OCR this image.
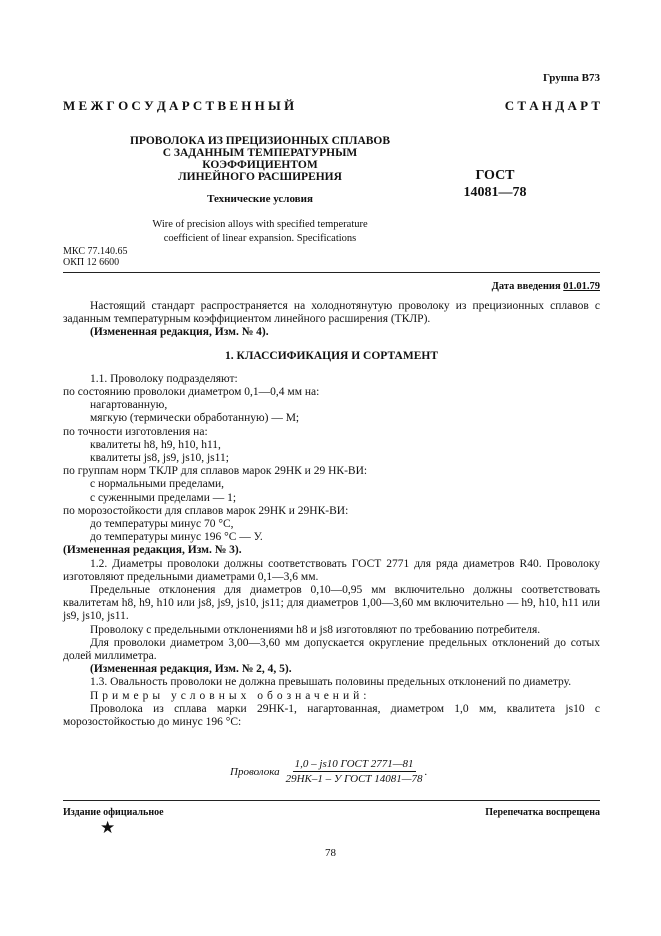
Группа В73
М Е Ж Г О С У Д А Р С Т В Е Н Н Ы Й	С Т А Н Д А Р Т
ПРОВОЛОКА ИЗ ПРЕЦИЗИОННЫХ СПЛАВОВ
С ЗАДАННЫМ ТЕМПЕРАТУРНЫМ
КОЭФФИЦИЕНТОМ
ЛИНЕЙНОГО РАСШИРЕНИЯ
Технические условия
ГОСТ
14081—78
Wire of precision alloys with specified temperature
coefficient of linear expansion. Specifications
МКС 77.140.65
ОКП 12 6600
Дата введения 01.01.79

Настоящий стандарт распространяется на холоднотянутую проволоку из прецизионных сплавов с заданным температурным коэффициентом линейного расширения (ТКЛР).

(Измененная редакция, Изм. № 4).

1. КЛАССИФИКАЦИЯ И СОРТАМЕНТ

1.1. Проволоку подразделяют:

по состоянию проволоки диаметром 0,1—0,4 мм на:

нагартованную,

мягкую (термически обработанную) — М;

по точности изготовления на:

квалитеты h8, h9, h10, h11,

квалитеты js8, js9, js10, js11;

по группам норм ТКЛР для сплавов марок 29НК и 29 НК-ВИ:

с нормальными пределами,

с суженными пределами — 1;

по морозостойкости для сплавов марок 29НК и 29НК-ВИ:

до температуры минус 70 °С,

до температуры минус 196 °С — У.

(Измененная редакция, Изм. № 3).

1.2. Диаметры проволоки должны соответствовать ГОСТ 2771 для ряда диаметров R40. Проволоку изготовляют предельными диаметрами 0,1—3,6 мм.

Предельные отклонения для диаметров 0,10—0,95 мм включительно должны соответствовать квалитетам h8, h9, h10 или js8, js9, js10, js11; для диаметров 1,00—3,60 мм включительно — h9, h10, h11 или js9, js10, js11.

Проволоку с предельными отклонениями h8 и js8 изготовляют по требованию потребителя.

Для проволоки диаметром 3,00—3,60 мм допускается округление предельных отклонений до сотых долей миллиметра.

(Измененная редакция, Изм. № 2, 4, 5).

1.3. Овальность проволоки не должна превышать половины предельных отклонений по диаметру.

Примеры условных обозначений:

Проволока из сплава марки 29НК-1, нагартованная, диаметром 1,0 мм, квалитета js10 с морозостойкостью до минус 196 °С:

Проволока $\frac{\text{1,0 – js10 ГОСТ 2771—81}}{\text{29НК–1 – У ГОСТ 14081—78}}$ .
Издание официальное	Перепечатка воспрещена
★
78
